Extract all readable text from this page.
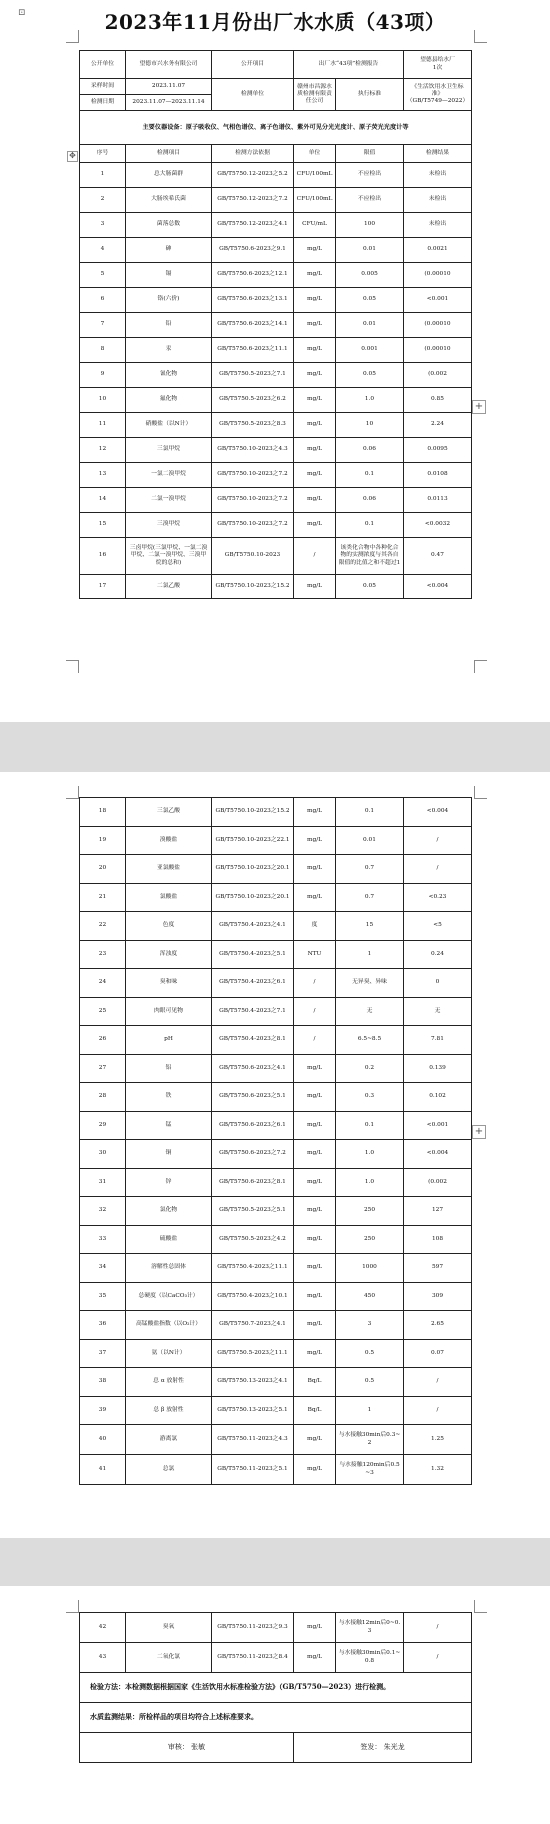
⊡	2023年11月份出厂水水质（43项）
✥
+
+
公开单位	望德市兴水务有限公司	公开项目	出厂水“43项”检测报告		望德县给水厂
1次
采样时间	2023.11.07	检测单位	赣州市昌源水质检测有限责任公司	执行标准	《生活饮用水卫生标准》
（GB/T5749—2022）
检测日期	2023.11.07—2023.11.14				
主要仪器设备：原子吸收仪、气相色谱仪、离子色谱仪、紫外可见分光光度计、原子荧光光度计等					
序号	检测项目	检测方法依据	单位	限值	检测结果
1	总大肠菌群	GB/T5750.12-2023之5.2	CFU/100mL	不应检出	未检出
2	大肠埃希氏菌	GB/T5750.12-2023之7.2	CFU/100mL	不应检出	未检出
3	菌落总数	GB/T5750.12-2023之4.1	CFU/mL	100	未检出
4	砷	GB/T5750.6-2023之9.1	mg/L	0.01	0.0021
5	镉	GB/T5750.6-2023之12.1	mg/L	0.005	(0.00010
6	铬(六价)	GB/T5750.6-2023之13.1	mg/L	0.05	<0.001
7	铅	GB/T5750.6-2023之14.1	mg/L	0.01	(0.00010
8	汞	GB/T5750.6-2023之11.1	mg/L	0.001	(0.00010
9	氰化物	GB/T5750.5-2023之7.1	mg/L	0.05	(0.002
10	氟化物	GB/T5750.5-2023之6.2	mg/L	1.0	0.85
11	硝酸盐（以N计）	GB/T5750.5-2023之8.3	mg/L	10	2.24
12	三氯甲烷	GB/T5750.10-2023之4.3	mg/L	0.06	0.0095
13	一氯二溴甲烷	GB/T5750.10-2023之7.2	mg/L	0.1	0.0108
14	二氯一溴甲烷	GB/T5750.10-2023之7.2	mg/L	0.06	0.0113
15	三溴甲烷	GB/T5750.10-2023之7.2	mg/L	0.1	<0.0032
16	三卤甲烷(三氯甲烷、一氯二溴甲烷、二氯一溴甲烷、三溴甲烷的总和)	GB/T5750.10-2023	/	该类化合物中各种化合物的实测浓度与其各自限值的比值之和不超过1	0.47
17	二氯乙酸	GB/T5750.10-2023之15.2	mg/L	0.05	<0.004
18	三氯乙酸	GB/T5750.10-2023之15.2	mg/L	0.1	<0.004
19	溴酸盐	GB/T5750.10-2023之22.1	mg/L	0.01	/
20	亚氯酸盐	GB/T5750.10-2023之20.1	mg/L	0.7	/
21	氯酸盐	GB/T5750.10-2023之20.1	mg/L	0.7	<0.23
22	色度	GB/T5750.4-2023之4.1	度	15	<5
23	浑浊度	GB/T5750.4-2023之5.1	NTU	1	0.24
24	臭和味	GB/T5750.4-2023之6.1	/	无异臭、异味	0
25	肉眼可见物	GB/T5750.4-2023之7.1	/	无	无
26	pH	GB/T5750.4-2023之8.1	/	6.5~8.5	7.81
27	铝	GB/T5750.6-2023之4.1	mg/L	0.2	0.139
28	铁	GB/T5750.6-2023之5.1	mg/L	0.3	0.102
29	锰	GB/T5750.6-2023之6.1	mg/L	0.1	<0.001
30	铜	GB/T5750.6-2023之7.2	mg/L	1.0	<0.004
31	锌	GB/T5750.6-2023之8.1	mg/L	1.0	(0.002
32	氯化物	GB/T5750.5-2023之5.1	mg/L	250	127
33	硫酸盐	GB/T5750.5-2023之4.2	mg/L	250	108
34	溶解性总固体	GB/T5750.4-2023之11.1	mg/L	1000	597
35	总硬度（以CaCO₃计）	GB/T5750.4-2023之10.1	mg/L	450	309
36	高锰酸盐指数（以O₂计）	GB/T5750.7-2023之4.1	mg/L	3	2.65
37	氨（以N计）	GB/T5750.5-2023之11.1	mg/L	0.5	0.07
38	总 α 放射性	GB/T5750.13-2023之4.1	Bq/L	0.5	/
39	总 β 放射性	GB/T5750.13-2023之5.1	Bq/L	1	/
40	游离氯	GB/T5750.11-2023之4.3	mg/L	与水接触30min后0.3~2	1.25
41	总氯	GB/T5750.11-2023之5.1	mg/L	与水接触120min后0.5~3	1.32
42	臭氧	GB/T5750.11-2023之9.3	mg/L	与水接触12min后0~0.3	/
43	二氧化氯	GB/T5750.11-2023之8.4	mg/L	与水接触30min后0.1~0.8	/
检验方法：本检测数据根据国家《生活饮用水标准检验方法》（GB/T5750—2023）进行检测。					
水质监测结果：所检样品的项目均符合上述标准要求。					
审核： 张敏			签发： 朱光龙		
